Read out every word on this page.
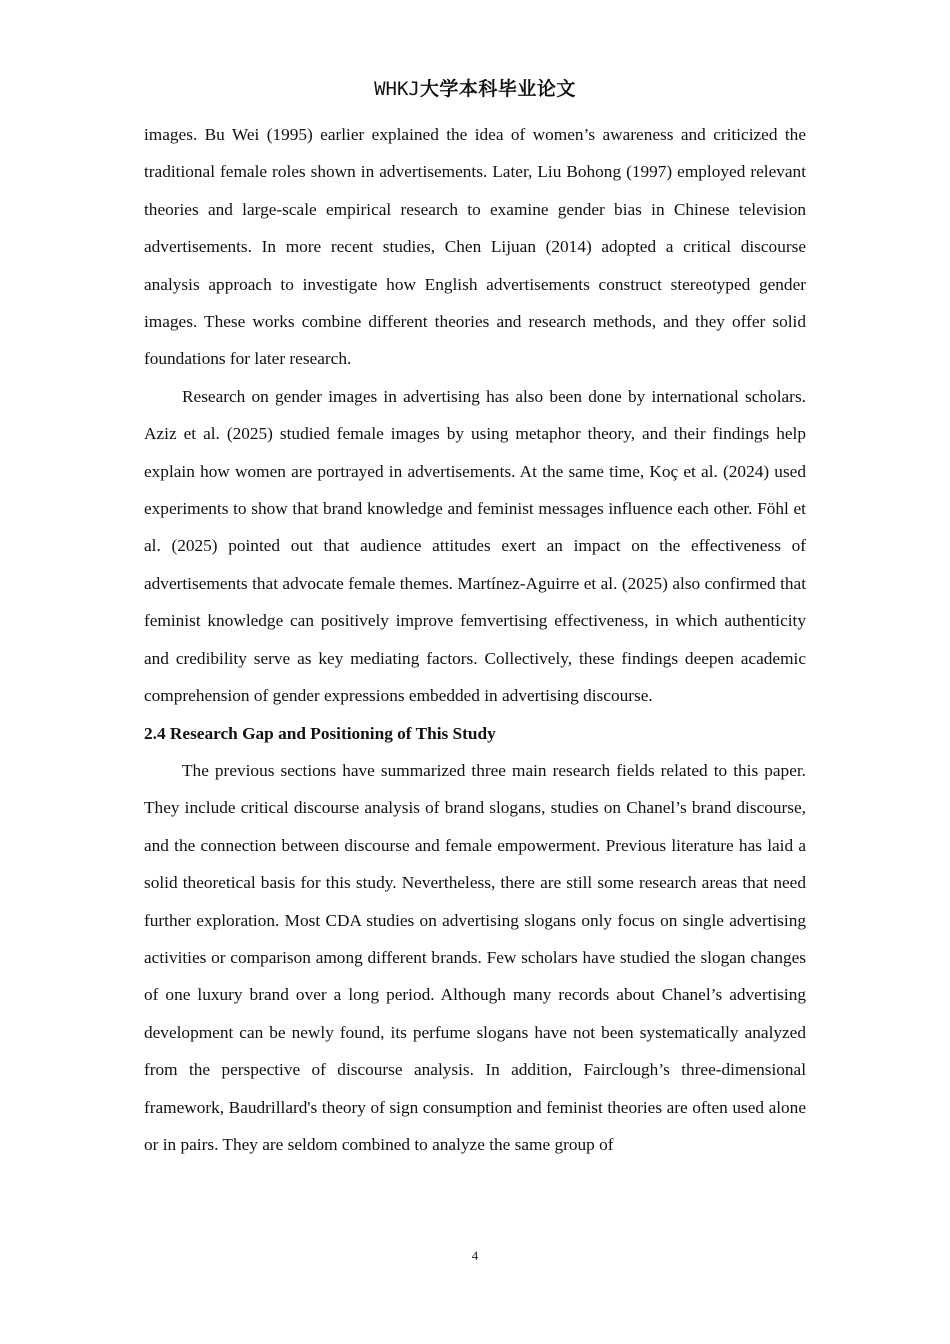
WHKJ大学本科毕业论文

images. Bu Wei (1995) earlier explained the idea of women’s awareness and criticized the traditional female roles shown in advertisements. Later, Liu Bohong (1997) employed relevant theories and large-scale empirical research to examine gender bias in Chinese television advertisements. In more recent studies, Chen Lijuan (2014) adopted a critical discourse analysis approach to investigate how English advertisements construct stereotyped gender images. These works combine different theories and research methods, and they offer solid foundations for later research.

Research on gender images in advertising has also been done by international scholars. Aziz et al. (2025) studied female images by using metaphor theory, and their findings help explain how women are portrayed in advertisements. At the same time, Koç et al. (2024) used experiments to show that brand knowledge and feminist messages influence each other. Föhl et al. (2025) pointed out that audience attitudes exert an impact on the effectiveness of advertisements that advocate female themes. Martínez-Aguirre et al. (2025) also confirmed that feminist knowledge can positively improve femvertising effectiveness, in which authenticity and credibility serve as key mediating factors. Collectively, these findings deepen academic comprehension of gender expressions embedded in advertising discourse.

2.4 Research Gap and Positioning of This Study

The previous sections have summarized three main research fields related to this paper. They include critical discourse analysis of brand slogans, studies on Chanel’s brand discourse, and the connection between discourse and female empowerment. Previous literature has laid a solid theoretical basis for this study. Nevertheless, there are still some research areas that need further exploration. Most CDA studies on advertising slogans only focus on single advertising activities or comparison among different brands. Few scholars have studied the slogan changes of one luxury brand over a long period. Although many records about Chanel’s advertising development can be newly found, its perfume slogans have not been systematically analyzed from the perspective of discourse analysis. In addition, Fairclough’s three-dimensional framework, Baudrillard's theory of sign consumption and feminist theories are often used alone or in pairs. They are seldom combined to analyze the same group of

4
